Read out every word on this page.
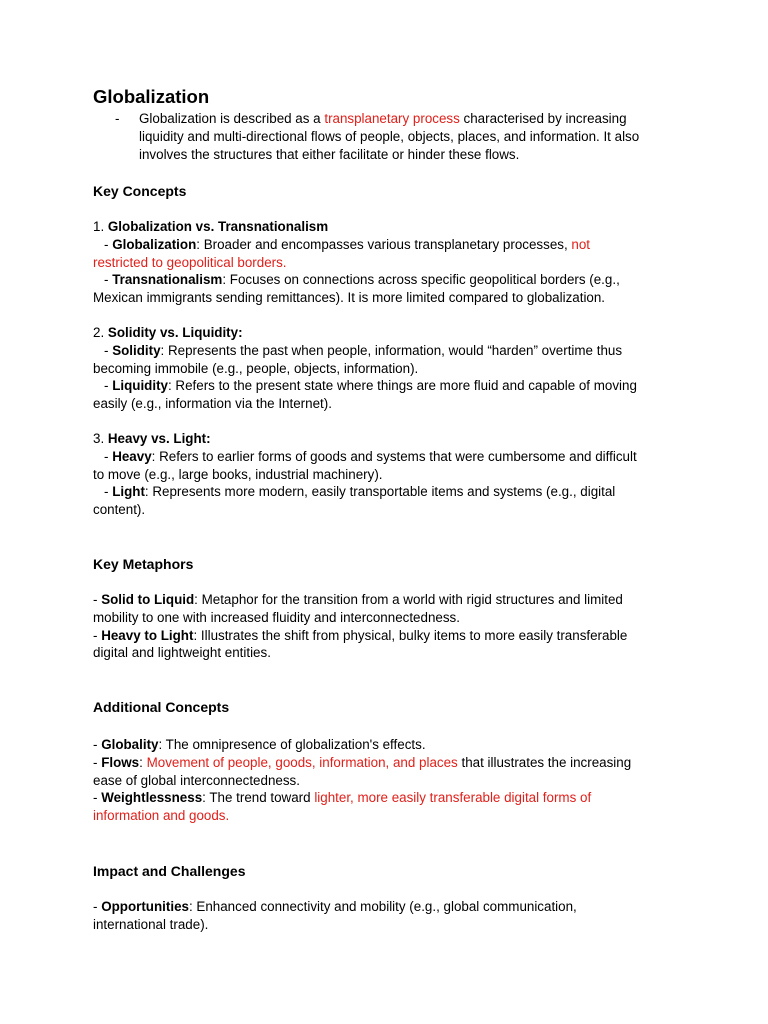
Globalization
- Globalization is described as a transplanetary process characterised by increasing
liquidity and multi-directional flows of people, objects, places, and information. It also
involves the structures that either facilitate or hinder these flows.
Key Concepts
1. Globalization vs. Transnationalism
- Globalization: Broader and encompasses various transplanetary processes, not
restricted to geopolitical borders.
- Transnationalism: Focuses on connections across specific geopolitical borders (e.g.,
Mexican immigrants sending remittances). It is more limited compared to globalization.
2. Solidity vs. Liquidity:
- Solidity: Represents the past when people, information, would “harden” overtime thus
becoming immobile (e.g., people, objects, information).
- Liquidity: Refers to the present state where things are more fluid and capable of moving
easily (e.g., information via the Internet).
3. Heavy vs. Light:
- Heavy: Refers to earlier forms of goods and systems that were cumbersome and difficult
to move (e.g., large books, industrial machinery).
- Light: Represents more modern, easily transportable items and systems (e.g., digital
content).
Key Metaphors
- Solid to Liquid: Metaphor for the transition from a world with rigid structures and limited
mobility to one with increased fluidity and interconnectedness.
- Heavy to Light: Illustrates the shift from physical, bulky items to more easily transferable
digital and lightweight entities.
Additional Concepts
- Globality: The omnipresence of globalization's effects.
- Flows: Movement of people, goods, information, and places that illustrates the increasing
ease of global interconnectedness.
- Weightlessness: The trend toward lighter, more easily transferable digital forms of
information and goods.
Impact and Challenges
- Opportunities: Enhanced connectivity and mobility (e.g., global communication,
international trade).
